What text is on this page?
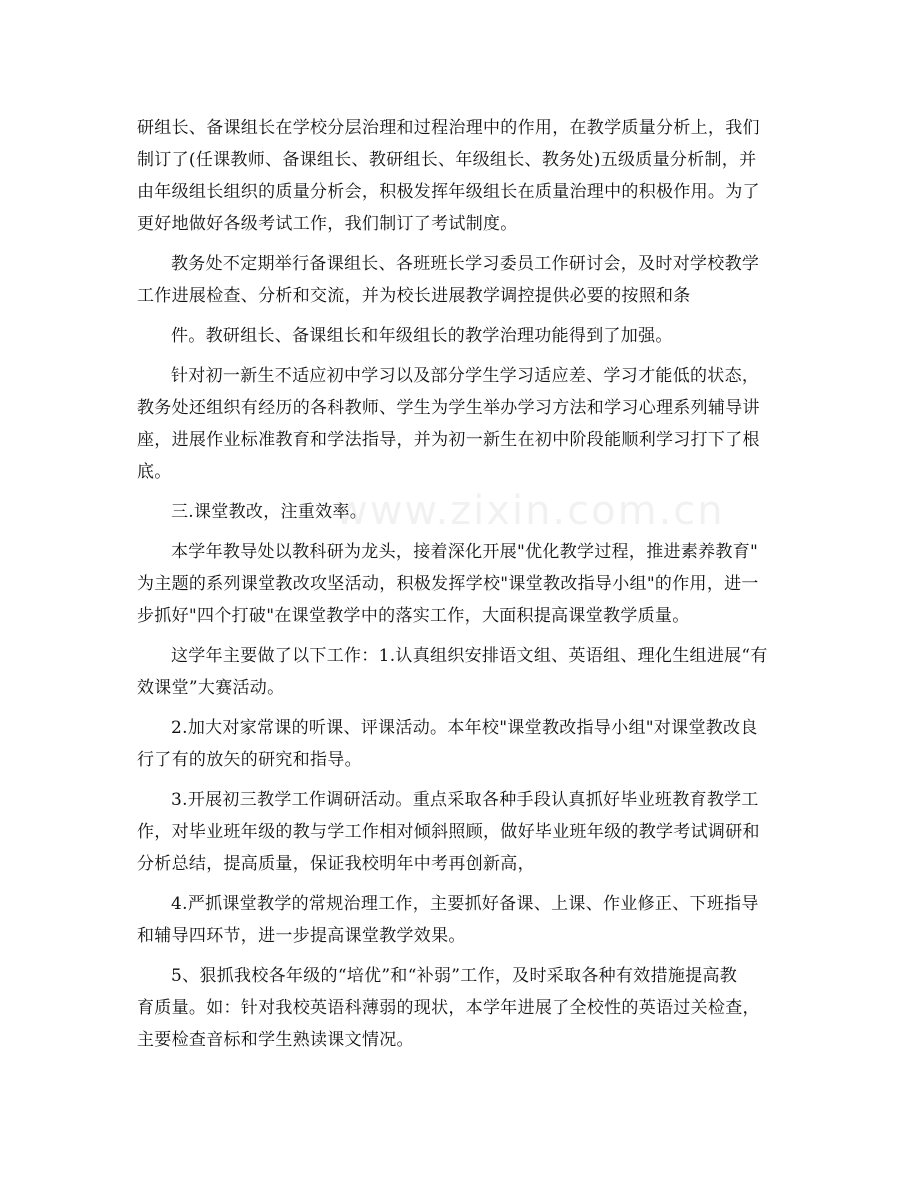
研组长、备课组长在学校分层治理和过程治理中的作用，在教学质量分析上，我们
制订了(任课教师、备课组长、教研组长、年级组长、教务处)五级质量分析制，并
由年级组长组织的质量分析会，积极发挥年级组长在质量治理中的积极作用。为了
更好地做好各级考试工作，我们制订了考试制度。

教务处不定期举行备课组长、各班班长学习委员工作研讨会，及时对学校教学
工作进展检查、分析和交流，并为校长进展教学调控提供必要的按照和条

件。教研组长、备课组长和年级组长的教学治理功能得到了加强。

针对初一新生不适应初中学习以及部分学生学习适应差、学习才能低的状态，
教务处还组织有经历的各科教师、学生为学生举办学习方法和学习心理系列辅导讲
座，进展作业标准教育和学法指导，并为初一新生在初中阶段能顺利学习打下了根
底。

三.课堂教改，注重效率。

本学年教导处以教科研为龙头，接着深化开展"优化教学过程，推进素养教育"
为主题的系列课堂教改攻坚活动，积极发挥学校"课堂教改指导小组"的作用，进一
步抓好"四个打破"在课堂教学中的落实工作，大面积提高课堂教学质量。

这学年主要做了以下工作：1.认真组织安排语文组、英语组、理化生组进展“有
效课堂”大赛活动。

2.加大对家常课的听课、评课活动。本年校"课堂教改指导小组"对课堂教改良
行了有的放矢的研究和指导。

3.开展初三教学工作调研活动。重点采取各种手段认真抓好毕业班教育教学工
作，对毕业班年级的教与学工作相对倾斜照顾，做好毕业班年级的教学考试调研和
分析总结，提高质量，保证我校明年中考再创新高，

4.严抓课堂教学的常规治理工作，主要抓好备课、上课、作业修正、下班指导
和辅导四环节，进一步提高课堂教学效果。

5、狠抓我校各年级的“培优”和“补弱”工作，及时采取各种有效措施提高教
育质量。如：针对我校英语科薄弱的现状，本学年进展了全校性的英语过关检查，
主要检查音标和学生熟读课文情况。

www.zixin.com.cn
